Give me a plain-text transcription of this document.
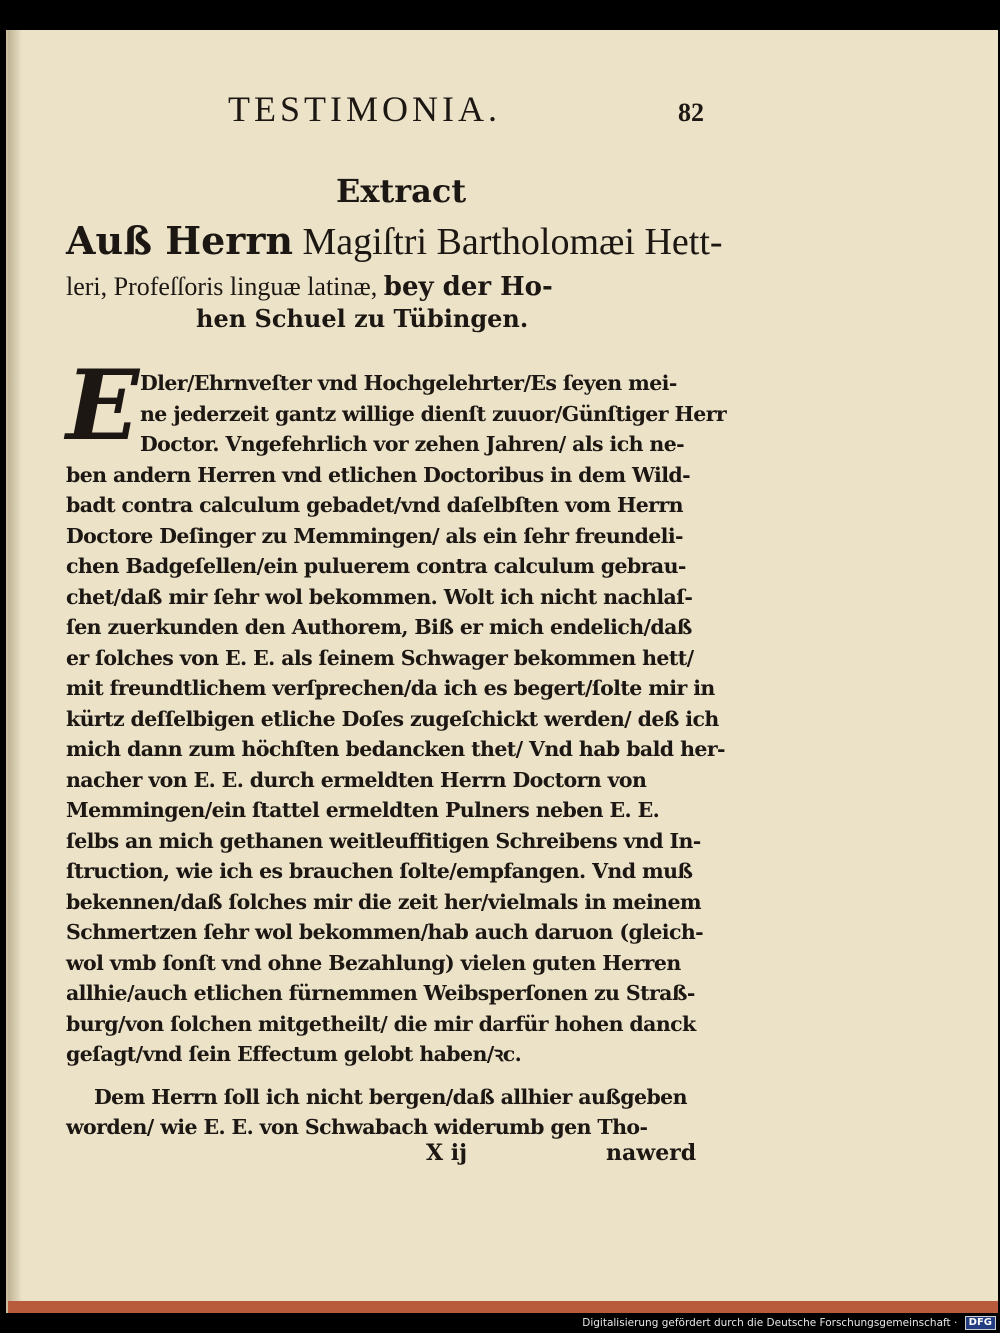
TESTIMONIA.	82
Extract
Auß Herrn Magiſtri Bartholomæi Hett-
leri, Profeſſoris linguæ latinæ, bey der Ho-
hen Schuel zu Tübingen.
E Dler/Ehrnveſter vnd Hochgelehrter/Es ſeyen mei-
ne jederzeit gantz willige dienſt zuuor/Günſtiger Herr
Doctor. Vngefehrlich vor zehen Jahren/ als ich ne-
ben andern Herren vnd etlichen Doctoribus in dem Wild-
badt contra calculum gebadet/vnd daſelbſten vom Herrn
Doctore Deſinger zu Memmingen/ als ein ſehr freundeli-
chen Badgeſellen/ein puluerem contra calculum gebrau-
chet/daß mir ſehr wol bekommen. Wolt ich nicht nachlaſ-
ſen zuerkunden den Authorem, Biß er mich endelich/daß
er ſolches von E. E. als ſeinem Schwager bekommen hett/
mit freundtlichem verſprechen/da ich es begert/ſolte mir in
kürtz deſſelbigen etliche Doſes zugeſchickt werden/ deß ich
mich dann zum höchſten bedancken thet/ Vnd hab bald her-
nacher von E. E. durch ermeldten Herrn Doctorn von
Memmingen/ein ſtattel ermeldten Pulners neben E. E.
ſelbs an mich gethanen weitleuffitigen Schreibens vnd In-
ſtruction, wie ich es brauchen ſolte/empfangen. Vnd muß
bekennen/daß ſolches mir die zeit her/vielmals in meinem
Schmertzen ſehr wol bekommen/hab auch daruon (gleich-
wol vmb ſonſt vnd ohne Bezahlung) vielen guten Herren
allhie/auch etlichen fürnemmen Weibsperſonen zu Straß-
burg/von ſolchen mitgetheilt/ die mir darfür hohen danck
geſagt/vnd ſein Effectum gelobt haben/ꝛc.
Dem Herrn ſoll ich nicht bergen/daß allhier außgeben
worden/ wie E. E. von Schwabach widerumb gen Tho-
X ij	nawerd
Digitalisierung gefördert durch die Deutsche Forschungsgemeinschaft · DFG
